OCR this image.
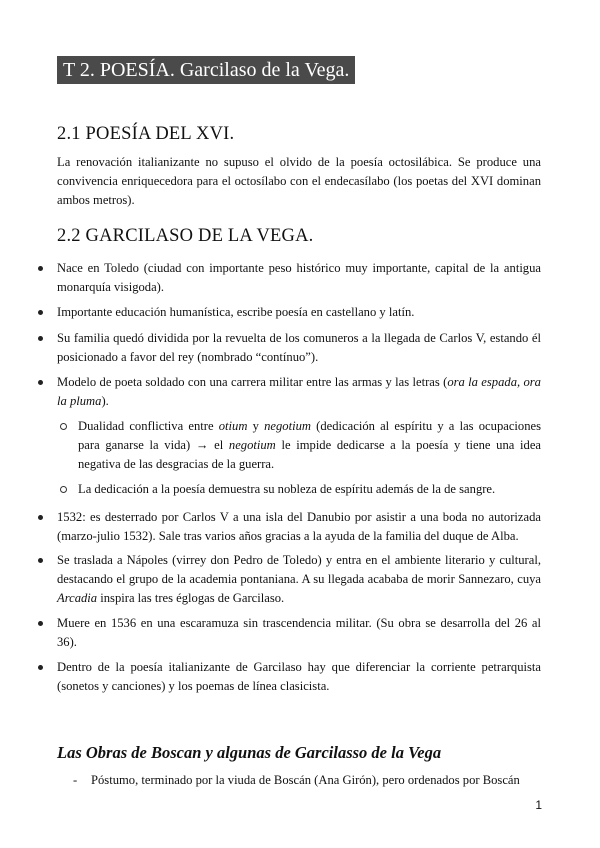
T 2. POESÍA. Garcilaso de la Vega.
2.1 POESÍA DEL XVI.
La renovación italianizante no supuso el olvido de la poesía octosilábica. Se produce una convivencia enriquecedora para el octosílabo con el endecasílabo (los poetas del XVI dominan ambos metros).
2.2 GARCILASO DE LA VEGA.
Nace en Toledo (ciudad con importante peso histórico muy importante, capital de la antigua monarquía visigoda).
Importante educación humanística, escribe poesía en castellano y latín.
Su familia quedó dividida por la revuelta de los comuneros a la llegada de Carlos V, estando él posicionado a favor del rey (nombrado “contínuo”).
Modelo de poeta soldado con una carrera militar entre las armas y las letras (ora la espada, ora la pluma).
Dualidad conflictiva entre otium y negotium (dedicación al espíritu y a las ocupaciones para ganarse la vida) → el negotium le impide dedicarse a la poesía y tiene una idea negativa de las desgracias de la guerra.
La dedicación a la poesía demuestra su nobleza de espíritu además de la de sangre.
1532: es desterrado por Carlos V a una isla del Danubio por asistir a una boda no autorizada (marzo-julio 1532). Sale tras varios años gracias a la ayuda de la familia del duque de Alba.
Se traslada a Nápoles (virrey don Pedro de Toledo) y entra en el ambiente literario y cultural, destacando el grupo de la academia pontaniana. A su llegada acababa de morir Sannezaro, cuya Arcadia inspira las tres églogas de Garcilaso.
Muere en 1536 en una escaramuza sin trascendencia militar. (Su obra se desarrolla del 26 al 36).
Dentro de la poesía italianizante de Garcilaso hay que diferenciar la corriente petrarquista (sonetos y canciones) y los poemas de línea clasicista.
Las Obras de Boscan y algunas de Garcilasso de la Vega
- Póstumo, terminado por la viuda de Boscán (Ana Girón), pero ordenados por Boscán
1
